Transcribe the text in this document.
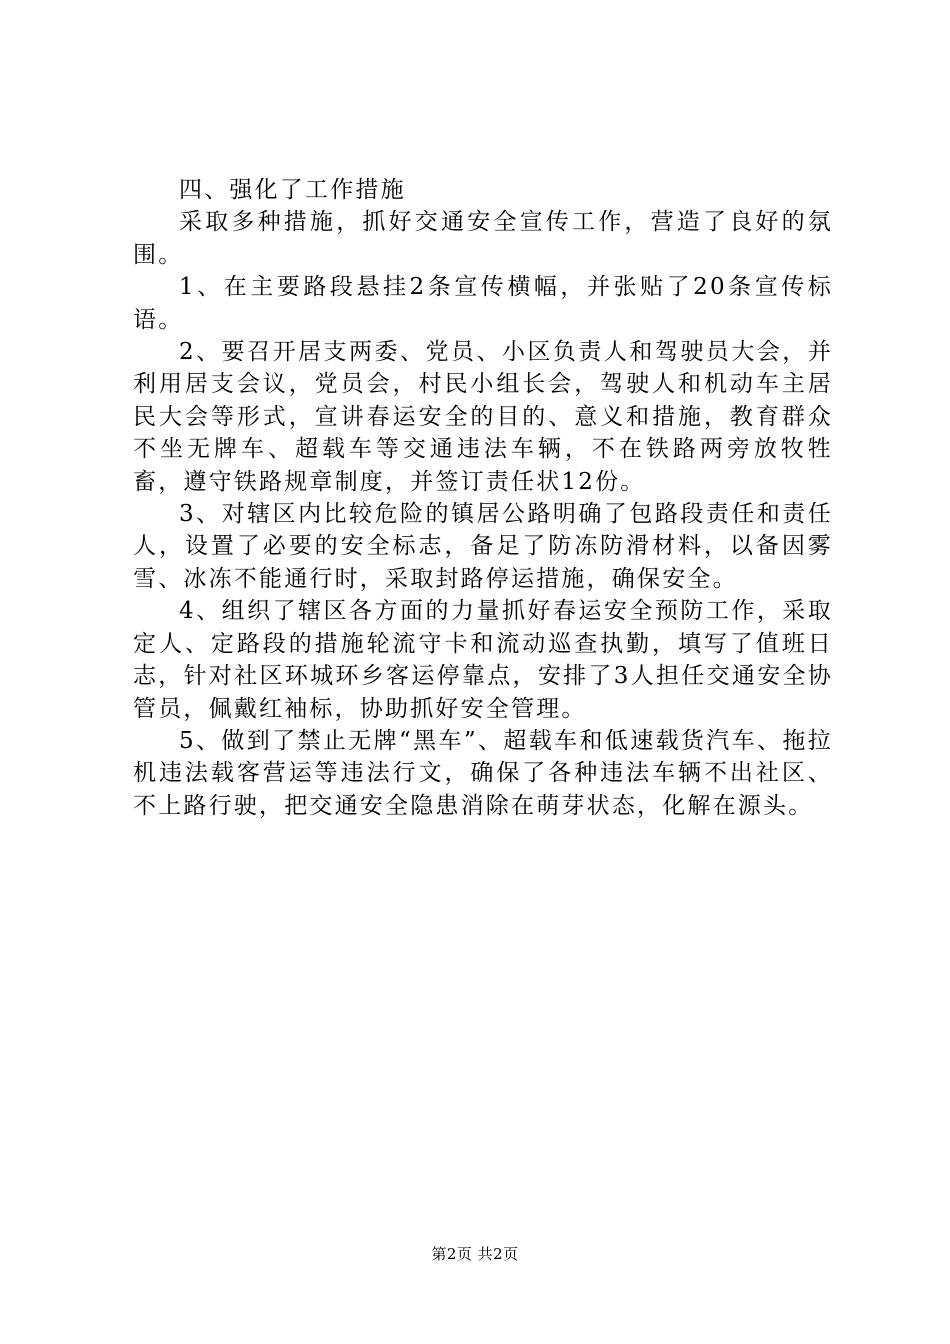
四、强化了工作措施

采取多种措施，抓好交通安全宣传工作，营造了良好的氛围。

1、在主要路段悬挂2条宣传横幅，并张贴了20条宣传标语。

2、要召开居支两委、党员、小区负责人和驾驶员大会，并利用居支会议，党员会，村民小组长会，驾驶人和机动车主居民大会等形式，宣讲春运安全的目的、意义和措施，教育群众不坐无牌车、超载车等交通违法车辆，不在铁路两旁放牧牲畜，遵守铁路规章制度，并签订责任状12份。

3、对辖区内比较危险的镇居公路明确了包路段责任和责任人，设置了必要的安全标志，备足了防冻防滑材料，以备因雾雪、冰冻不能通行时，采取封路停运措施，确保安全。

4、组织了辖区各方面的力量抓好春运安全预防工作，采取定人、定路段的措施轮流守卡和流动巡查执勤，填写了值班日志，针对社区环城环乡客运停靠点，安排了3人担任交通安全协管员，佩戴红袖标，协助抓好安全管理。

5、做到了禁止无牌“黑车”、超载车和低速载货汽车、拖拉机违法载客营运等违法行文，确保了各种违法车辆不出社区、不上路行驶，把交通安全隐患消除在萌芽状态，化解在源头。

第2页 共2页
